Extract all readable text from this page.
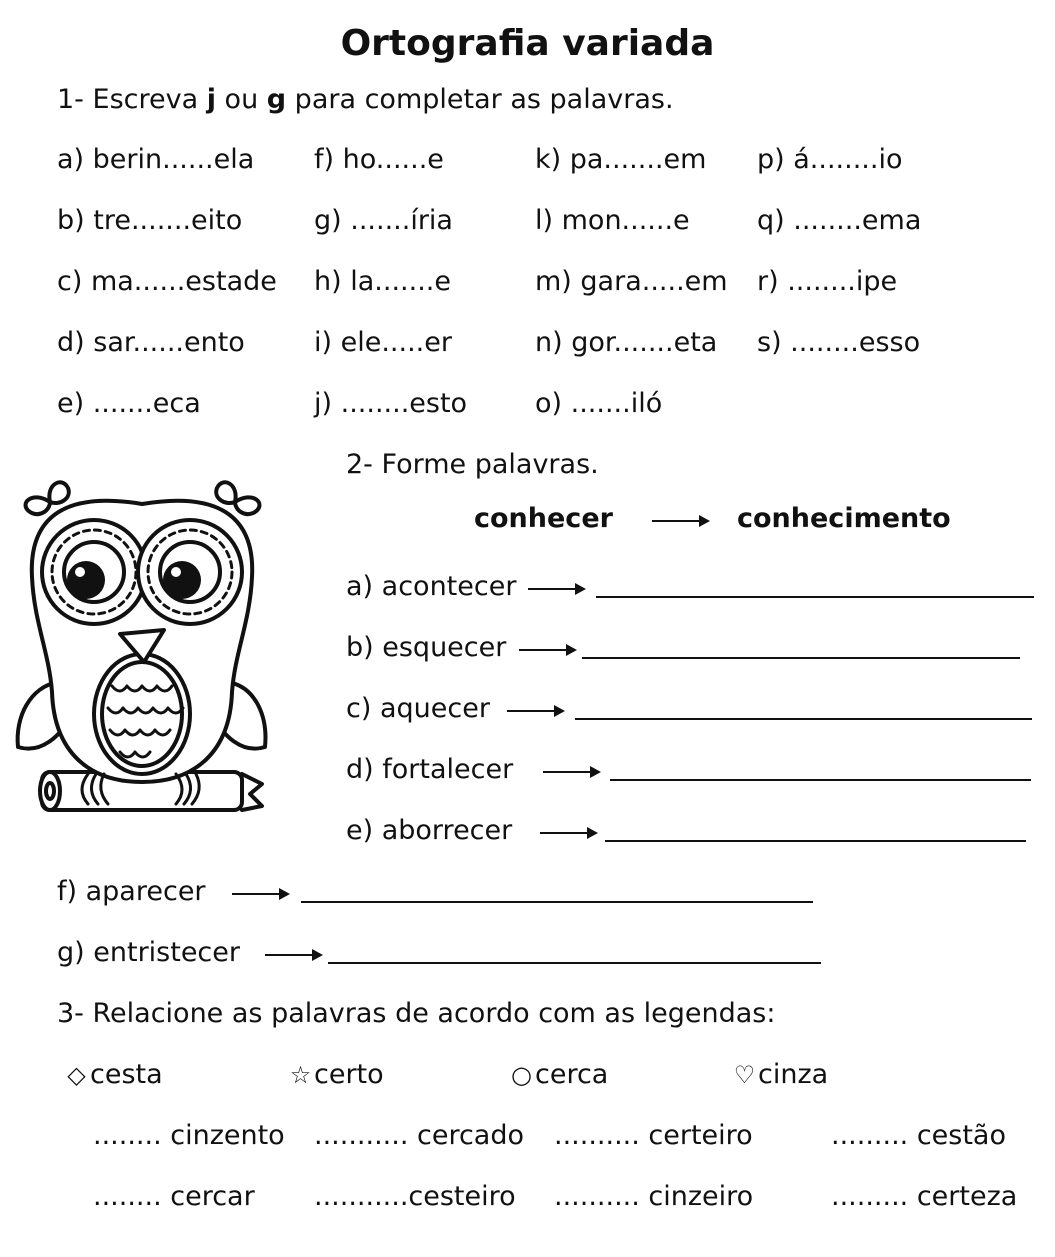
Ortografia variada
1- Escreva j ou g para completar as palavras.
a) berin......ela
b) tre.......eito
c) ma......estade
d) sar......ento
e) .......eca
f) ho......e
g) .......íria
h) la.......e
i) ele.....er
j) ........esto
k) pa.......em
l) mon......e
m) gara.....em
n) gor.......eta
o) .......iló
p) á........io
q) ........ema
r) ........ipe
s) ........esso
2- Forme palavras.
conhecer	conhecimento
a) acontecer
b) esquecer
c) aquecer
d) fortalecer
e) aborrecer
f) aparecer
g) entristecer
3- Relacione as palavras de acordo com as legendas:
◇ cesta	☆ certo	○ cerca	♡ cinza
........ cinzento ........... cercado .......... certeiro	......... cestão
........ cercar ...........cesteiro .......... cinzeiro	......... certeza
